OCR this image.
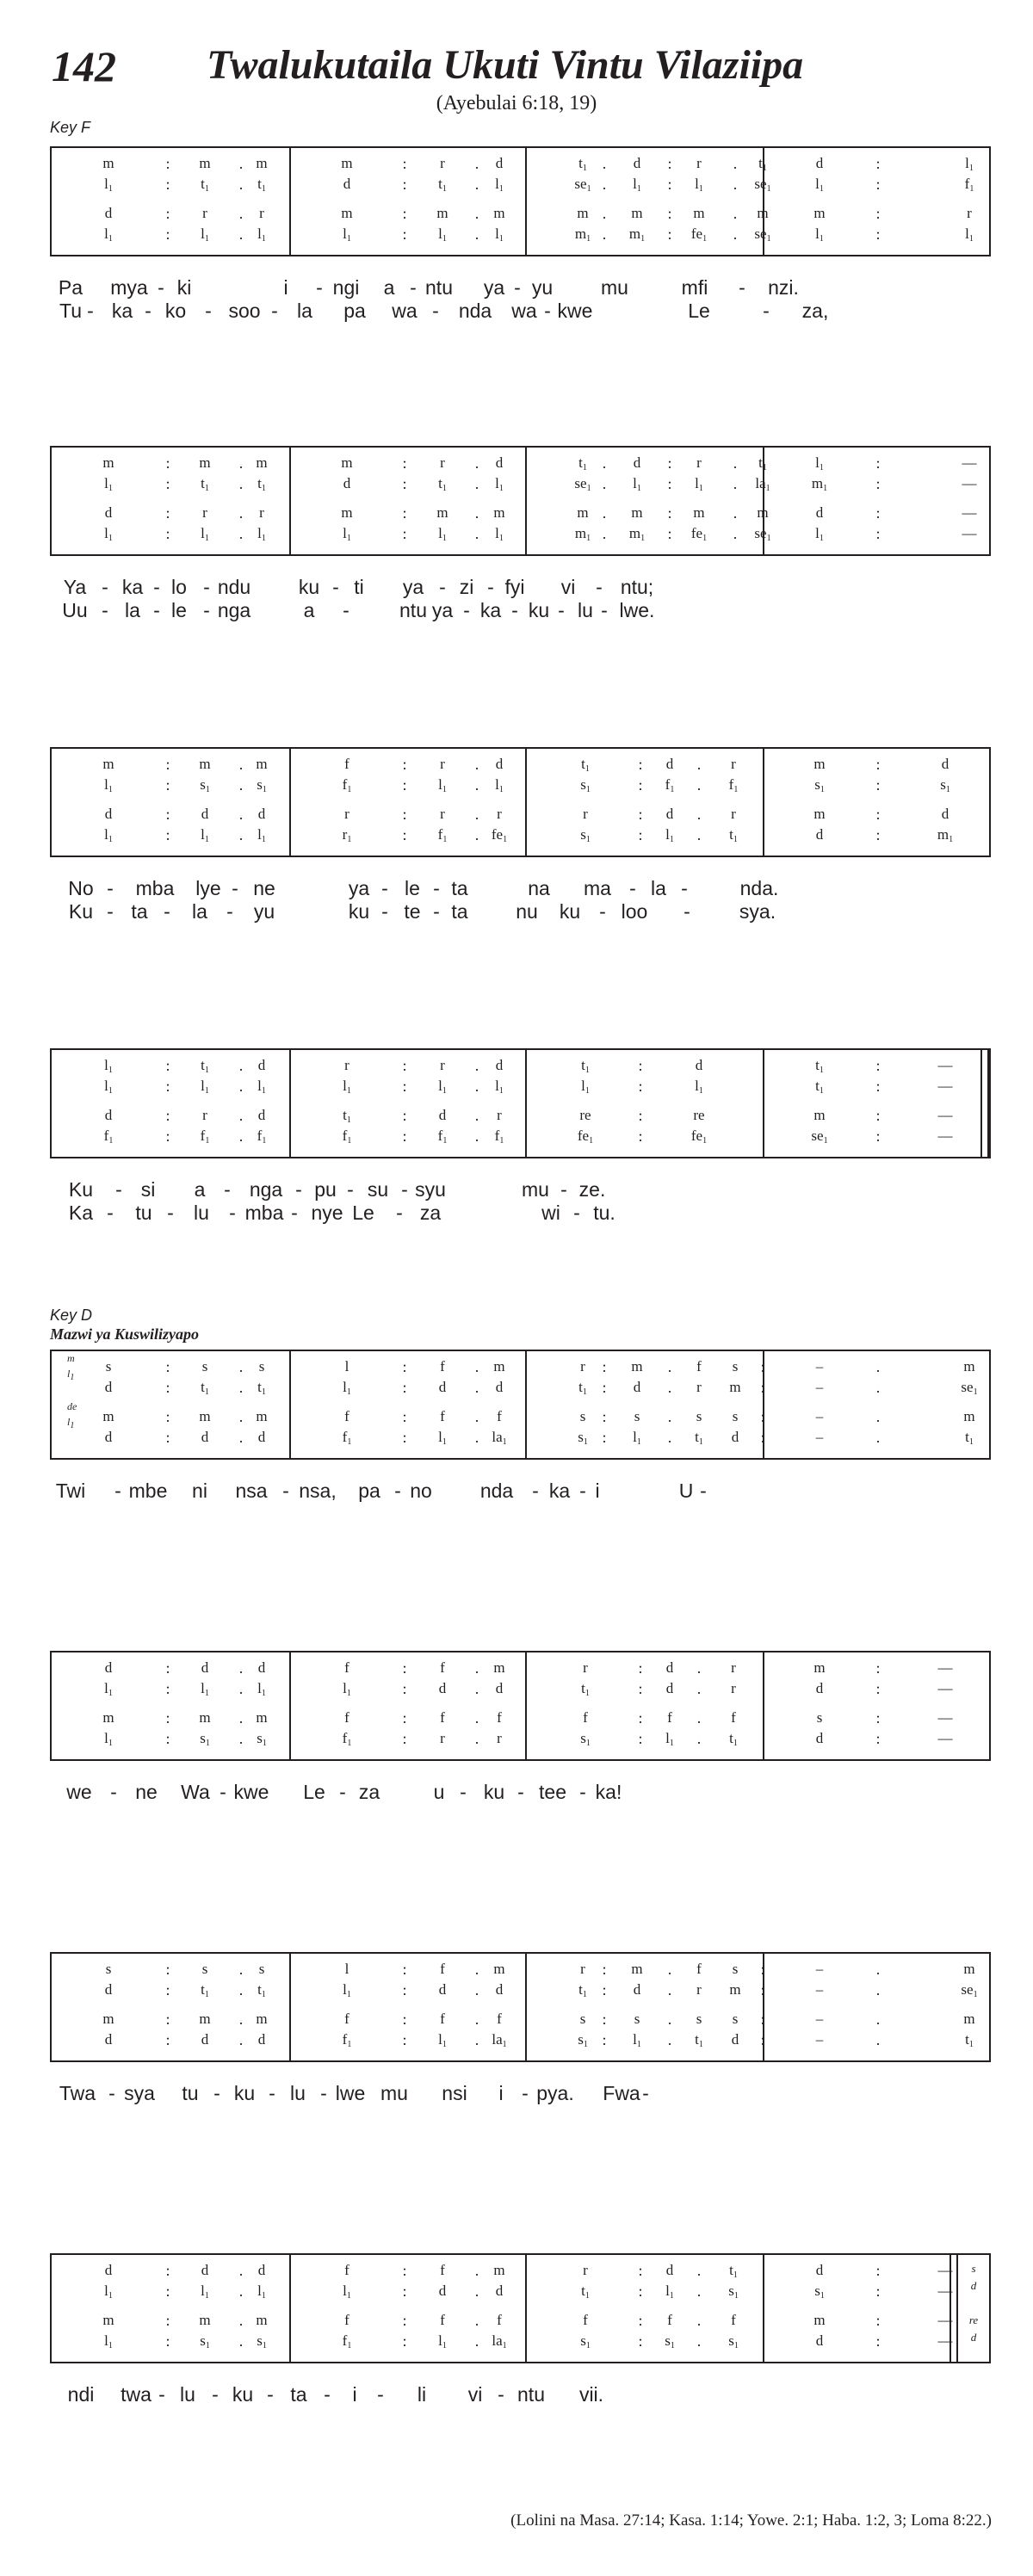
142 Twalukutaila Ukuti Vintu Vilaziipa
(Ayebulai 6:18, 19)
Key F
Key D
Mazwi ya Kuswilizyapo
m	: m . m	m	: r . d	$t_1$ . d : r . $t_1$	d	:	$l_1$
$l_1$	: $t_1$ . $t_1$	d	: $t_1$ . $l_1$	$se_1$ . $l_1$ : $l_1$ . $se_1$	$l_1$	:	$f_1$
d	: r . r	m	: m . m	m . m : m . m	m	:	r
$l_1$	: $l_1$ . $l_1$	$l_1$	: $l_1$ . $l_1$	$m_1$ . $m_1$ : $fe_1$ . $se_1$	$l_1$	:	$l_1$
Pa mya - ki	i - ngi a - ntu ya - yu mu	mfi - nzi.
Tu - ka - ko - soo - la pa wa - nda wa - kwe	Le	- za,
m	: m . m	m	: r . d	$t_1$ . d : r . $t_1$	$l_1$	:	—
$l_1$	: $t_1$ . $t_1$	d	: $t_1$ . $l_1$	$se_1$ . $l_1$ : $l_1$ . $la_1$	$m_1$	:	—
d	: r . r	m	: m . m	m . m : m . m	d	:	—
$l_1$	: $l_1$ . $l_1$	$l_1$	: $l_1$ . $l_1$	$m_1$ . $m_1$ : $fe_1$ . $se_1$	$l_1$	:	—
Ya - ka - lo - ndu ku - ti ya - zi - fyi vi - ntu;
Uu - la - le - nga	a -	ntu ya - ka - ku - lu - lwe.
m	: m . m	f	: r . d	$t_1$	: d . r	m	:	d
$l_1$	: $s_1$ . $s_1$	$f_1$	: $l_1$ . $l_1$	$s_1$	: $f_1$ . $f_1$	$s_1$	:	$s_1$
d	: d . d	r	: r . r	r	: d . r	m	:	d
$l_1$	: $l_1$ . $l_1$	$r_1$	: $f_1$ . $fe_1$	$s_1$	: $l_1$ . $t_1$	d	:	$m_1$
No - mba lye - ne	ya - le - ta	na ma - la -	nda.
Ku - ta - la - yu	ku - te - ta nu ku - loo - sya.
$l_1$	: $t_1$ . d	r	: r . d	$t_1$	:	d	$t_1$	:	—
$l_1$	: $l_1$ . $l_1$	$l_1$	: $l_1$ . $l_1$	$l_1$	:	$l_1$	$t_1$	:	—
d	: r . d	$t_1$	: d . r	re	:	re	m	:	—
$f_1$	: $f_1$ . $f_1$	$f_1$	: $f_1$ . $f_1$	$fe_1$	:	$fe_1$	$se_1$	:	—
Ku - si a - nga - pu - su - syu	mu - ze.
Ka - tu - lu - mba - nye Le - za	wi - tu.
m
$l_1$
de
$l_1$
s	: s . s	l	: f . m	r : m . f s :	–	.	m
d	: $t_1$ . $t_1$	$l_1$	: d . d	$t_1$ : d . r m :	–	.	$se_1$
m	: m . m	f	: f . f	s : s . s s :	–	.	m
d	: d . d	$f_1$	: $l_1$ . $la_1$	$s_1$ : $l_1$ . $t_1$ d :	–	.	$t_1$
Twi - mbe ni nsa - nsa, pa - no nda - ka - i	U -
d	: d . d	f	: f . m	r	: d . r	m	:	—
$l_1$	: $l_1$ . $l_1$	$l_1$	: d . d	$t_1$	: d . r	d	:	—
m	: m . m	f	: f . f	f	: f . f	s	:	—
$l_1$	: $s_1$ . $s_1$	$f_1$	: r . r	$s_1$	: $l_1$ . $t_1$	d	:	—
we - ne Wa - kwe Le - za	u - ku - tee - ka!
s	: s . s	l	: f . m	r : m . f s :	–	.	m
d	: $t_1$ . $t_1$	$l_1$	: d . d	$t_1$ : d . r m :	–	.	$se_1$
m	: m . m	f	: f . f	s : s . s s :	–	.	m
d	: d . d	$f_1$	: $l_1$ . $la_1$	$s_1$ : $l_1$ . $t_1$ d :	–	.	$t_1$
Twa - sya tu - ku - lu - lwe mu nsi i - pya. Fwa -
s
d
re
d
d	: d . d	f	: f . m	r	: d . $t_1$	d	:	—
$l_1$	: $l_1$ . $l_1$	$l_1$	: d . d	$t_1$	: $l_1$ . $s_1$	$s_1$	:	—
m	: m . m	f	: f . f	f	: f . f	m	:	—
$l_1$	: $s_1$ . $s_1$	$f_1$	: $l_1$ . $la_1$	$s_1$	: $s_1$ . $s_1$	d	:	—
ndi twa - lu - ku - ta - i - li vi - ntu vii.
(Lolini na Masa. 27:14; Kasa. 1:14; Yowe. 2:1; Haba. 1:2, 3; Loma 8:22.)
